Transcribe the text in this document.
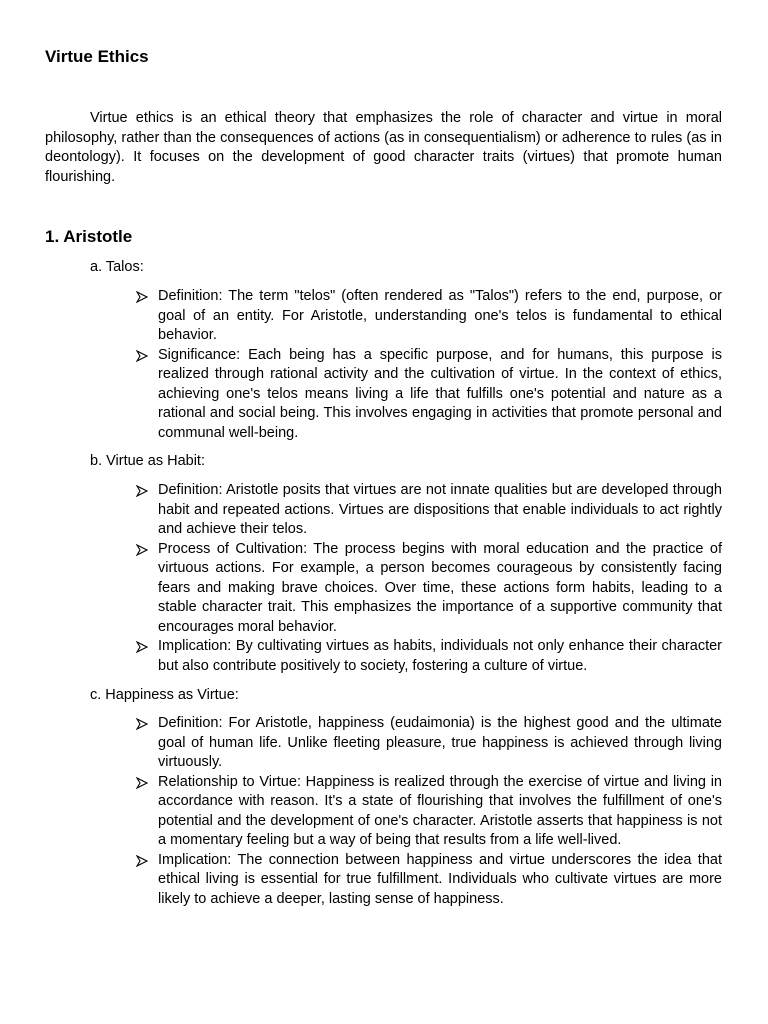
Virtue Ethics

Virtue ethics is an ethical theory that emphasizes the role of character and virtue in moral philosophy, rather than the consequences of actions (as in consequentialism) or adherence to rules (as in deontology). It focuses on the development of good character traits (virtues) that promote human flourishing.

1. Aristotle

a. Talos:

Definition: The term "telos" (often rendered as "Talos") refers to the end, purpose, or goal of an entity. For Aristotle, understanding one's telos is fundamental to ethical behavior.
Significance: Each being has a specific purpose, and for humans, this purpose is realized through rational activity and the cultivation of virtue. In the context of ethics, achieving one's telos means living a life that fulfills one's potential and nature as a rational and social being. This involves engaging in activities that promote personal and communal well-being.

b. Virtue as Habit:

Definition: Aristotle posits that virtues are not innate qualities but are developed through habit and repeated actions. Virtues are dispositions that enable individuals to act rightly and achieve their telos.
Process of Cultivation: The process begins with moral education and the practice of virtuous actions. For example, a person becomes courageous by consistently facing fears and making brave choices. Over time, these actions form habits, leading to a stable character trait. This emphasizes the importance of a supportive community that encourages moral behavior.
Implication: By cultivating virtues as habits, individuals not only enhance their character but also contribute positively to society, fostering a culture of virtue.

c. Happiness as Virtue:

Definition: For Aristotle, happiness (eudaimonia) is the highest good and the ultimate goal of human life. Unlike fleeting pleasure, true happiness is achieved through living virtuously.
Relationship to Virtue: Happiness is realized through the exercise of virtue and living in accordance with reason. It's a state of flourishing that involves the fulfillment of one's potential and the development of one's character. Aristotle asserts that happiness is not a momentary feeling but a way of being that results from a life well-lived.
Implication: The connection between happiness and virtue underscores the idea that ethical living is essential for true fulfillment. Individuals who cultivate virtues are more likely to achieve a deeper, lasting sense of happiness.
